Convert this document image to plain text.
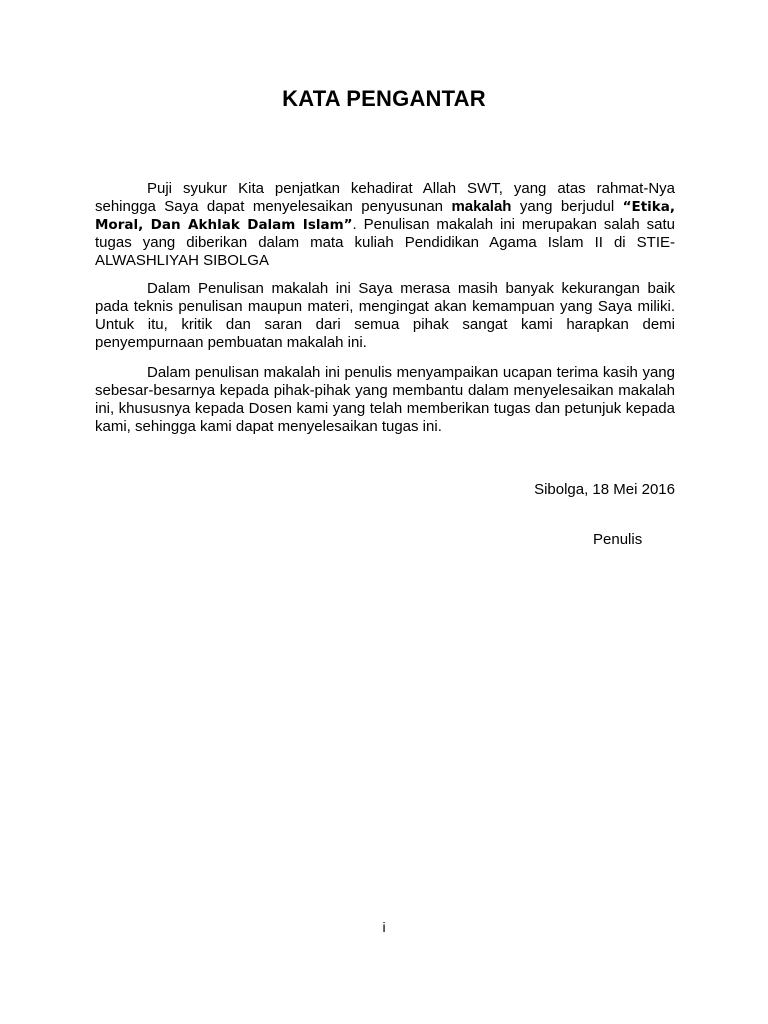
KATA PENGANTAR

Puji syukur Kita penjatkan kehadirat Allah SWT, yang atas rahmat-Nya sehingga Saya dapat menyelesaikan penyusunan makalah yang berjudul “Etika, Moral, Dan Akhlak Dalam Islam”. Penulisan makalah ini merupakan salah satu tugas yang diberikan dalam mata kuliah Pendidikan Agama Islam II di STIE-ALWASHLIYAH SIBOLGA

Dalam Penulisan makalah ini Saya merasa masih banyak kekurangan baik pada teknis penulisan maupun materi, mengingat akan kemampuan yang Saya miliki. Untuk itu, kritik dan saran dari semua pihak sangat kami harapkan demi penyempurnaan pembuatan makalah ini.

Dalam penulisan makalah ini penulis menyampaikan ucapan terima kasih yang sebesar-besarnya kepada pihak-pihak yang membantu dalam menyelesaikan makalah ini, khususnya kepada Dosen kami yang telah memberikan tugas dan petunjuk kepada kami, sehingga kami dapat menyelesaikan tugas ini.

Sibolga, 18 Mei 2016

Penulis

i
